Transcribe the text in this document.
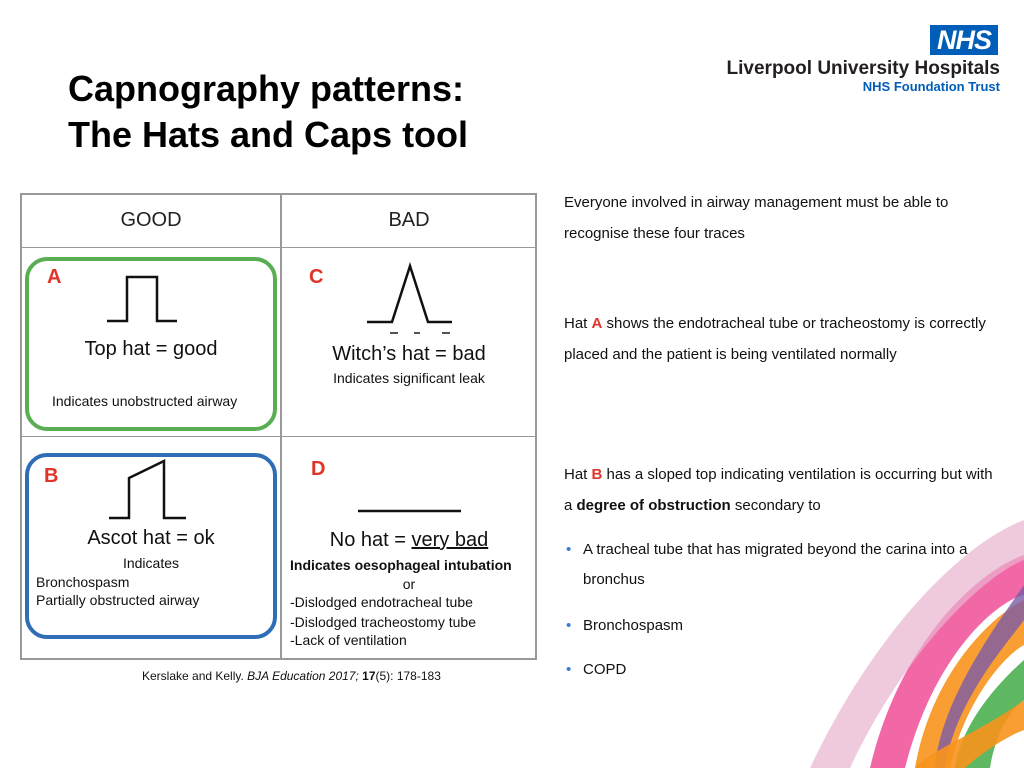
Capnography patterns:
The Hats and Caps tool
NHS
Liverpool University Hospitals
NHS Foundation Trust
GOOD	BAD
A
Top hat = good
Indicates unobstructed airway
C
Witch’s hat = bad
Indicates significant leak
B
Ascot hat = ok
Indicates
Bronchospasm
Partially obstructed airway
D
No hat = very bad
Indicates oesophageal intubation
or
-Dislodged endotracheal tube
-Dislodged tracheostomy tube
-Lack of ventilation
Kerslake and Kelly. BJA Education 2017; 17(5): 178-183
Everyone involved in airway management must be able to recognise these four traces
Hat A shows the endotracheal tube or tracheostomy is correctly placed and the patient is being ventilated normally
Hat B has a sloped top indicating ventilation is occurring but with a degree of obstruction secondary to
• A tracheal tube that has migrated beyond the carina into a bronchus
• Bronchospasm
• COPD
